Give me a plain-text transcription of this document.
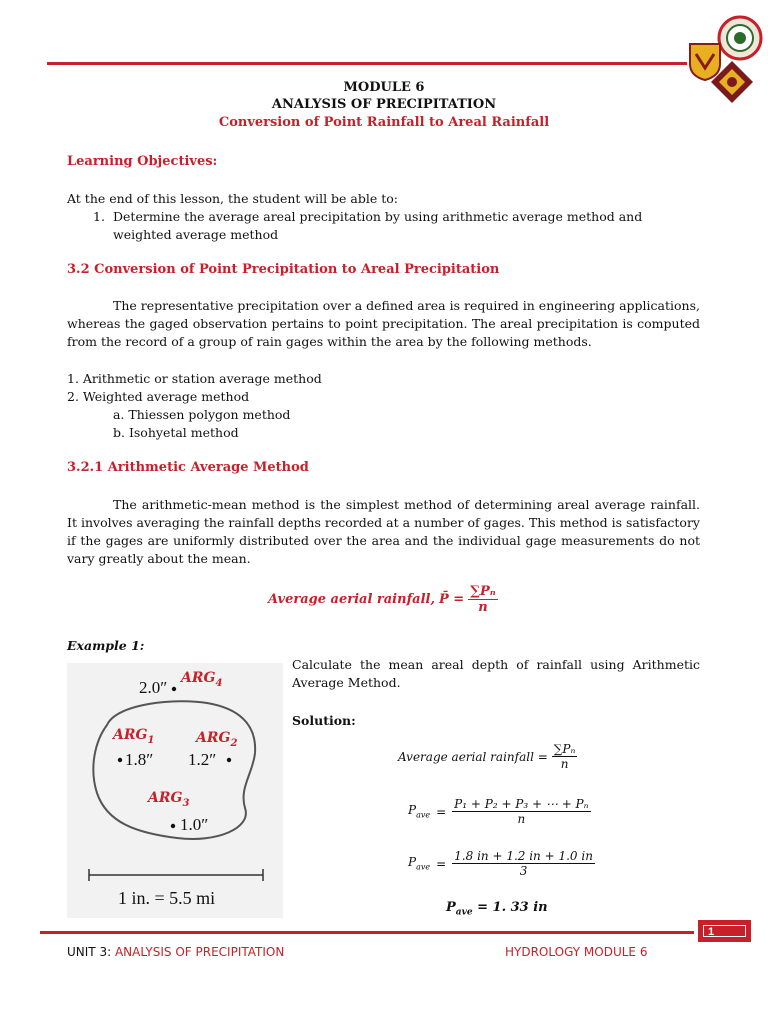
MODULE 6
ANALYSIS OF PRECIPITATION
Conversion of Point Rainfall to Areal Rainfall
Learning Objectives:
At the end of this lesson, the student will be able to:
1. Determine the average areal precipitation by using arithmetic average method and weighted average method
3.2 Conversion of Point Precipitation to Areal Precipitation
The representative precipitation over a defined area is required in engineering applications, whereas the gaged observation pertains to point precipitation. The areal precipitation is computed from the record of a group of rain gages within the area by the following methods.
1. Arithmetic or station average method
2. Weighted average method
a. Thiessen polygon method
b. Isohyetal method
3.2.1 Arithmetic Average Method
The arithmetic-mean method is the simplest method of determining areal average rainfall. It involves averaging the rainfall depths recorded at a number of gages. This method is satisfactory if the gages are uniformly distributed over the area and the individual gage measurements do not vary greatly about the mean.
Average aerial rainfall, P̄ = $\frac{\text{∑Pₙ}}{n}$
Example 1:
2.0″ $ARG_4$
$ARG_1$
1.8″
$ARG_2$
1.2″
$ARG_3$
1.0″
1 in. = 5.5 mi
Calculate the mean areal depth of rainfall using Arithmetic Average Method.
Solution:
Average aerial rainfall = $\frac{\text{∑Pₙ}}{n}$
$P_{ave} = \frac{\text{P₁ + P₂ + P₃ + ⋯ + Pₙ}}{n}$
$P_{ave} = \frac{1.8 in + 1.2 in + 1.0 in}{3}$
$P_{ave} = 1$. 33 in
1
UNIT 3: ANALYSIS OF PRECIPITATION	HYDROLOGY MODULE 6
